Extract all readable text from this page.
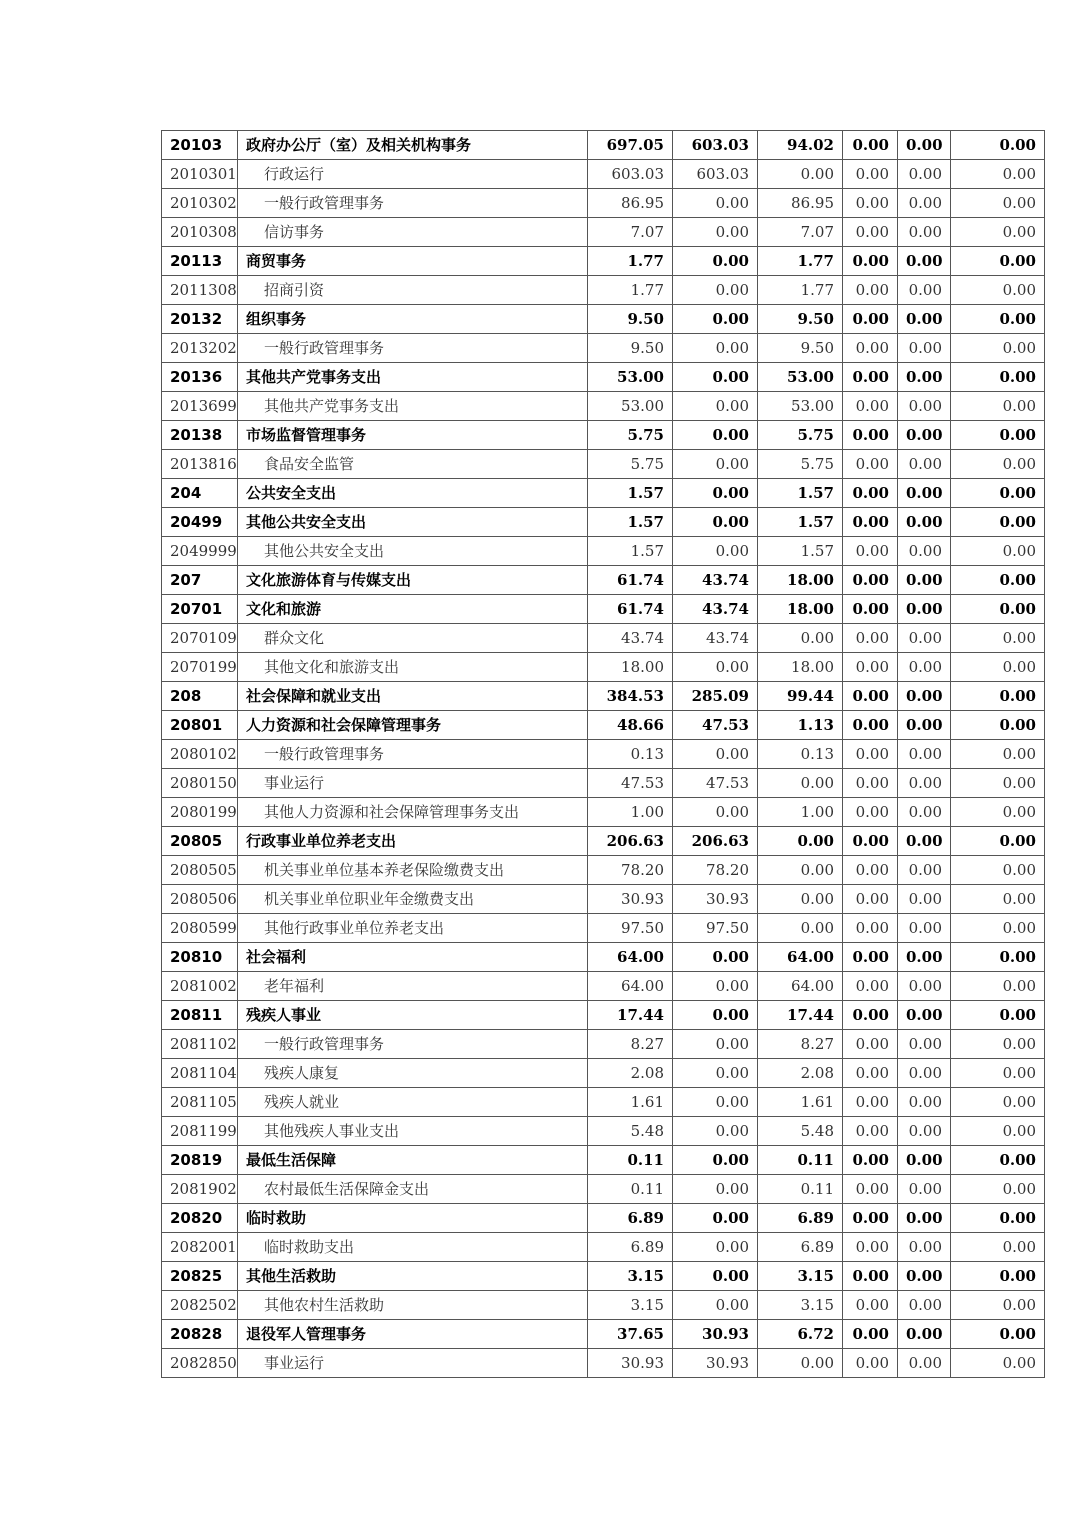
20103	政府办公厅（室）及相关机构事务	697.05	603.03	94.02	0.00	0.00	0.00
2010301	行政运行	603.03	603.03	0.00	0.00	0.00	0.00
2010302	一般行政管理事务	86.95	0.00	86.95	0.00	0.00	0.00
2010308	信访事务	7.07	0.00	7.07	0.00	0.00	0.00
20113	商贸事务	1.77	0.00	1.77	0.00	0.00	0.00
2011308	招商引资	1.77	0.00	1.77	0.00	0.00	0.00
20132	组织事务	9.50	0.00	9.50	0.00	0.00	0.00
2013202	一般行政管理事务	9.50	0.00	9.50	0.00	0.00	0.00
20136	其他共产党事务支出	53.00	0.00	53.00	0.00	0.00	0.00
2013699	其他共产党事务支出	53.00	0.00	53.00	0.00	0.00	0.00
20138	市场监督管理事务	5.75	0.00	5.75	0.00	0.00	0.00
2013816	食品安全监管	5.75	0.00	5.75	0.00	0.00	0.00
204	公共安全支出	1.57	0.00	1.57	0.00	0.00	0.00
20499	其他公共安全支出	1.57	0.00	1.57	0.00	0.00	0.00
2049999	其他公共安全支出	1.57	0.00	1.57	0.00	0.00	0.00
207	文化旅游体育与传媒支出	61.74	43.74	18.00	0.00	0.00	0.00
20701	文化和旅游	61.74	43.74	18.00	0.00	0.00	0.00
2070109	群众文化	43.74	43.74	0.00	0.00	0.00	0.00
2070199	其他文化和旅游支出	18.00	0.00	18.00	0.00	0.00	0.00
208	社会保障和就业支出	384.53	285.09	99.44	0.00	0.00	0.00
20801	人力资源和社会保障管理事务	48.66	47.53	1.13	0.00	0.00	0.00
2080102	一般行政管理事务	0.13	0.00	0.13	0.00	0.00	0.00
2080150	事业运行	47.53	47.53	0.00	0.00	0.00	0.00
2080199	其他人力资源和社会保障管理事务支出	1.00	0.00	1.00	0.00	0.00	0.00
20805	行政事业单位养老支出	206.63	206.63	0.00	0.00	0.00	0.00
2080505	机关事业单位基本养老保险缴费支出	78.20	78.20	0.00	0.00	0.00	0.00
2080506	机关事业单位职业年金缴费支出	30.93	30.93	0.00	0.00	0.00	0.00
2080599	其他行政事业单位养老支出	97.50	97.50	0.00	0.00	0.00	0.00
20810	社会福利	64.00	0.00	64.00	0.00	0.00	0.00
2081002	老年福利	64.00	0.00	64.00	0.00	0.00	0.00
20811	残疾人事业	17.44	0.00	17.44	0.00	0.00	0.00
2081102	一般行政管理事务	8.27	0.00	8.27	0.00	0.00	0.00
2081104	残疾人康复	2.08	0.00	2.08	0.00	0.00	0.00
2081105	残疾人就业	1.61	0.00	1.61	0.00	0.00	0.00
2081199	其他残疾人事业支出	5.48	0.00	5.48	0.00	0.00	0.00
20819	最低生活保障	0.11	0.00	0.11	0.00	0.00	0.00
2081902	农村最低生活保障金支出	0.11	0.00	0.11	0.00	0.00	0.00
20820	临时救助	6.89	0.00	6.89	0.00	0.00	0.00
2082001	临时救助支出	6.89	0.00	6.89	0.00	0.00	0.00
20825	其他生活救助	3.15	0.00	3.15	0.00	0.00	0.00
2082502	其他农村生活救助	3.15	0.00	3.15	0.00	0.00	0.00
20828	退役军人管理事务	37.65	30.93	6.72	0.00	0.00	0.00
2082850	事业运行	30.93	30.93	0.00	0.00	0.00	0.00
